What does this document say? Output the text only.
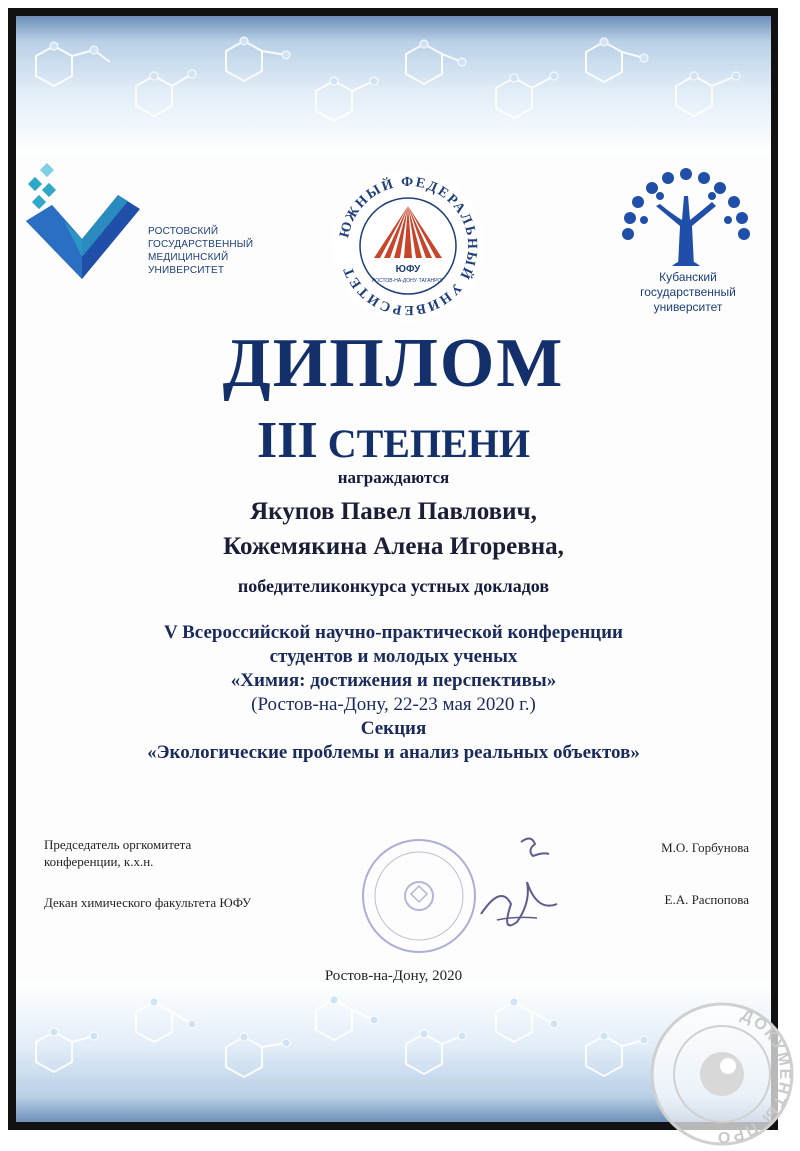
РОСТОВСКИЙ
ГОСУДАРСТВЕННЫЙ
МЕДИЦИНСКИЙ
УНИВЕРСИТЕТ
ЮЖНЫЙ ФЕДЕРАЛЬНЫЙ УНИВЕРСИТЕТ	ЮФУ
РОСТОВ-НА-ДОНУ·ТАГАНРОГ	Кубанский
государственный
университет
ДИПЛОМ
III СТЕПЕНИ
награждаются
Якупов Павел Павлович,
Кожемякина Алена Игоревна,
победителиконкурса устных докладов
V Всероссийской научно-практической конференции
студентов и молодых ученых
«Химия: достижения и перспективы»
(Ростов-на-Дону, 22-23 мая 2020 г.)
Секция
«Экологические проблемы и анализ реальных объектов»
Председатель оргкомитета
конференции, к.х.н.
М.О. Горбунова
Декан химического факультета ЮФУ	Е.А. Распопова
Ростов-на-Дону, 2020
ДОКУМЕНТЫ ПРО
